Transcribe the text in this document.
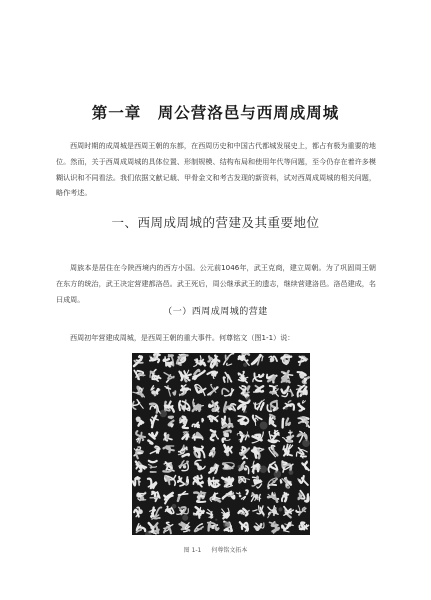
第一章　周公营洛邑与西周成周城

西周时期的成周城是西周王朝的东都，在西周历史和中国古代都城发展史上，都占有极为重要的地位。然而，关于西周成周城的具体位置、形制规模、结构布局和使用年代等问题，至今仍存在着许多模糊认识和不同看法。我们依据文献记载、甲骨金文和考古发现的新资料，试对西周成周城的相关问题，略作考述。

一、西周成周城的营建及其重要地位

周族本是居住在今陕西境内的西方小国。公元前1046年，武王克商，建立周朝。为了巩固周王朝在东方的统治，武王决定营建都洛邑。武王死后，周公继承武王的遗志，继续营建洛邑。洛邑建成，名曰成周。

（一）西周成周城的营建

西周初年营建成周城，是西周王朝的重大事件。何尊铭文（图1-1）说：

图 1-1 何尊铭文拓本
